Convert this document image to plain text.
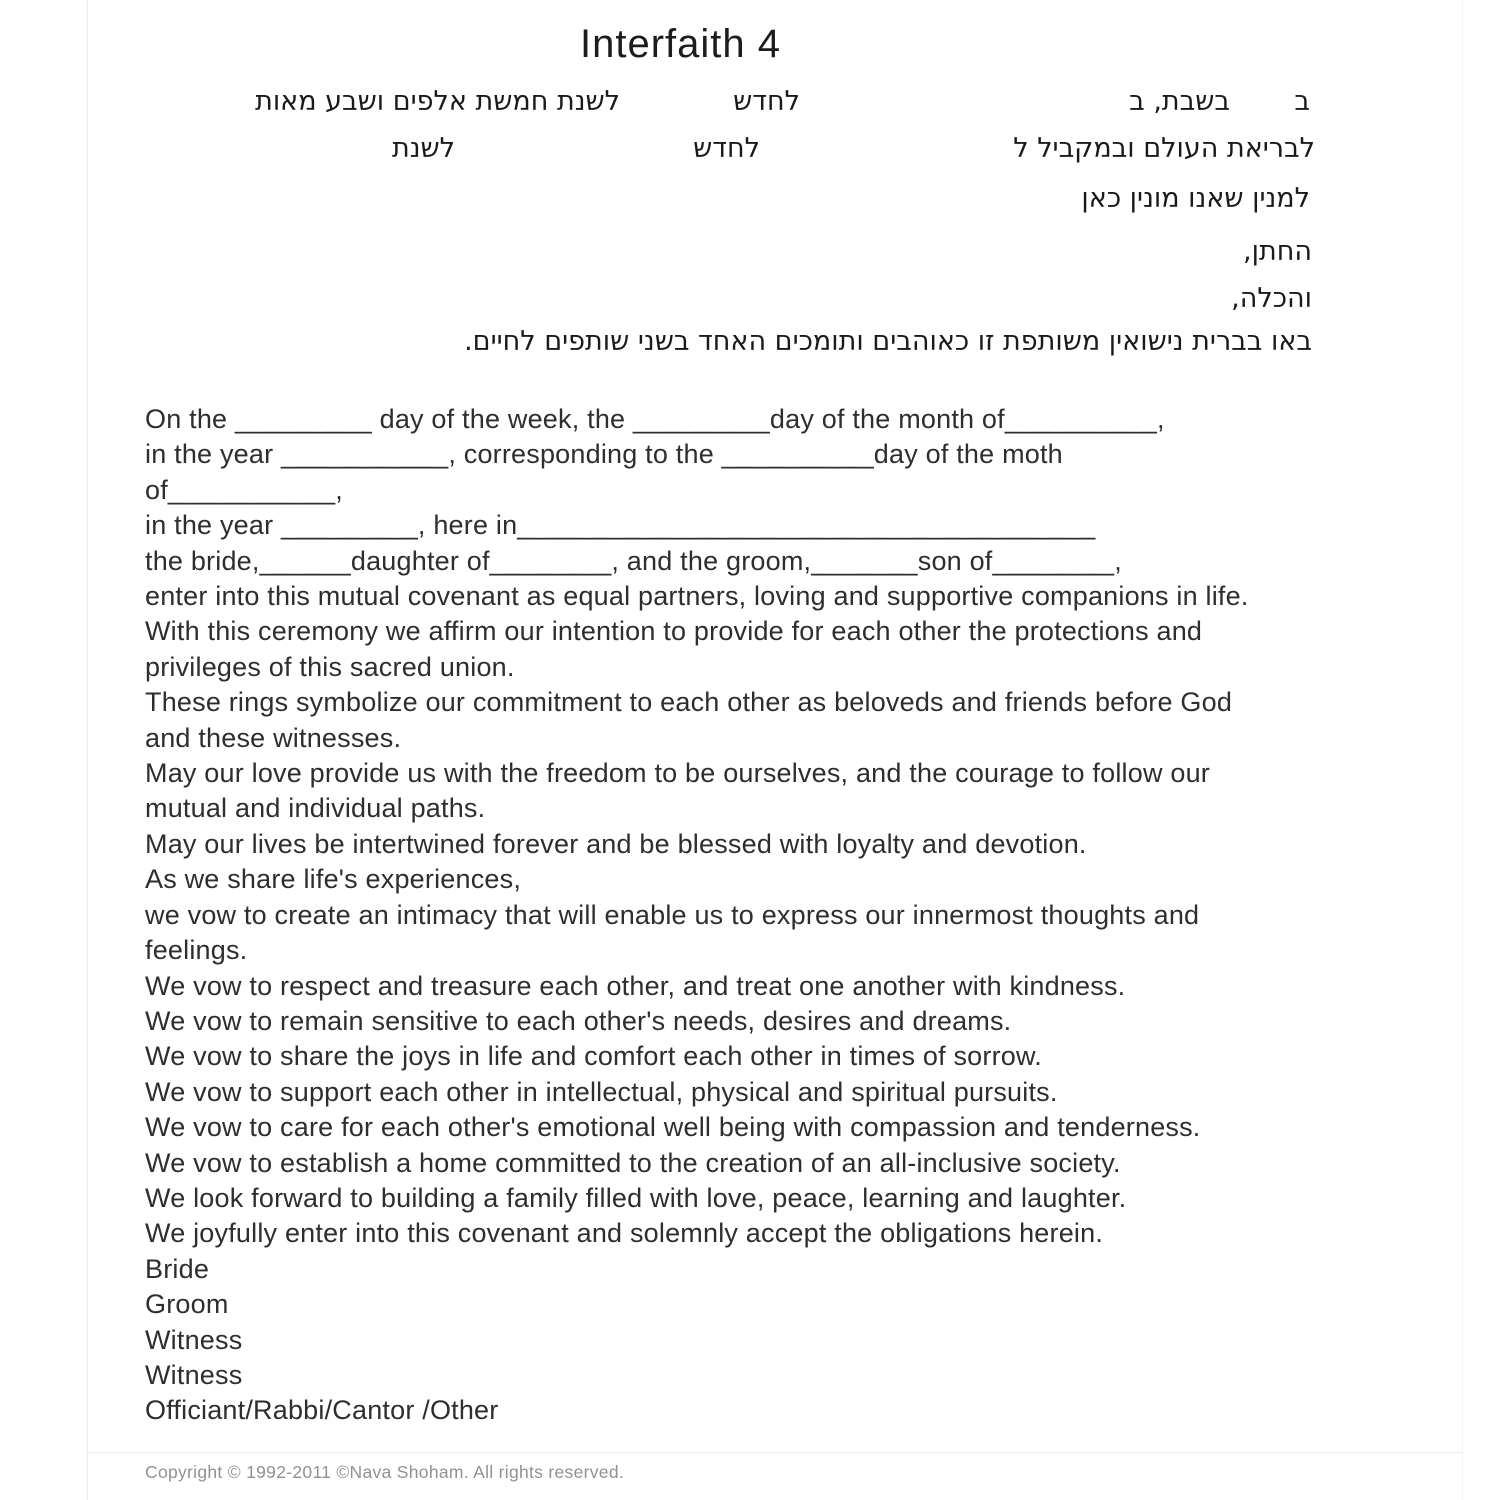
Interfaith 4
ב
בשבת, ב
לחדש
לשנת חמשת אלפים ושבע מאות
לבריאת העולם ובמקביל ל
לחדש
לשנת
למנין שאנו מונין כאן
החתן,
והכלה,
באו בברית נישואין משותפת זו כאוהבים ותומכים האחד בשני שותפים לחיים.
On the _________ day of the week, the _________day of the month of__________,
in the year ___________, corresponding to the __________day of the moth
of___________,
in the year _________, here in______________________________________
the bride,______daughter of________, and the groom,_______son of________,
enter into this mutual covenant as equal partners, loving and supportive companions in life.
With this ceremony we affirm our intention to provide for each other the protections and
privileges of this sacred union.
These rings symbolize our commitment to each other as beloveds and friends before God
and these witnesses.
May our love provide us with the freedom to be ourselves, and the courage to follow our
mutual and individual paths.
May our lives be intertwined forever and be blessed with loyalty and devotion.
As we share life's experiences,
we vow to create an intimacy that will enable us to express our innermost thoughts and
feelings.
We vow to respect and treasure each other, and treat one another with kindness.
We vow to remain sensitive to each other's needs, desires and dreams.
We vow to share the joys in life and comfort each other in times of sorrow.
We vow to support each other in intellectual, physical and spiritual pursuits.
We vow to care for each other's emotional well being with compassion and tenderness.
We vow to establish a home committed to the creation of an all-inclusive society.
We look forward to building a family filled with love, peace, learning and laughter.
We joyfully enter into this covenant and solemnly accept the obligations herein.
Bride
Groom
Witness
Witness
Officiant/Rabbi/Cantor /Other
Copyright © 1992-2011 ©Nava Shoham. All rights reserved.
